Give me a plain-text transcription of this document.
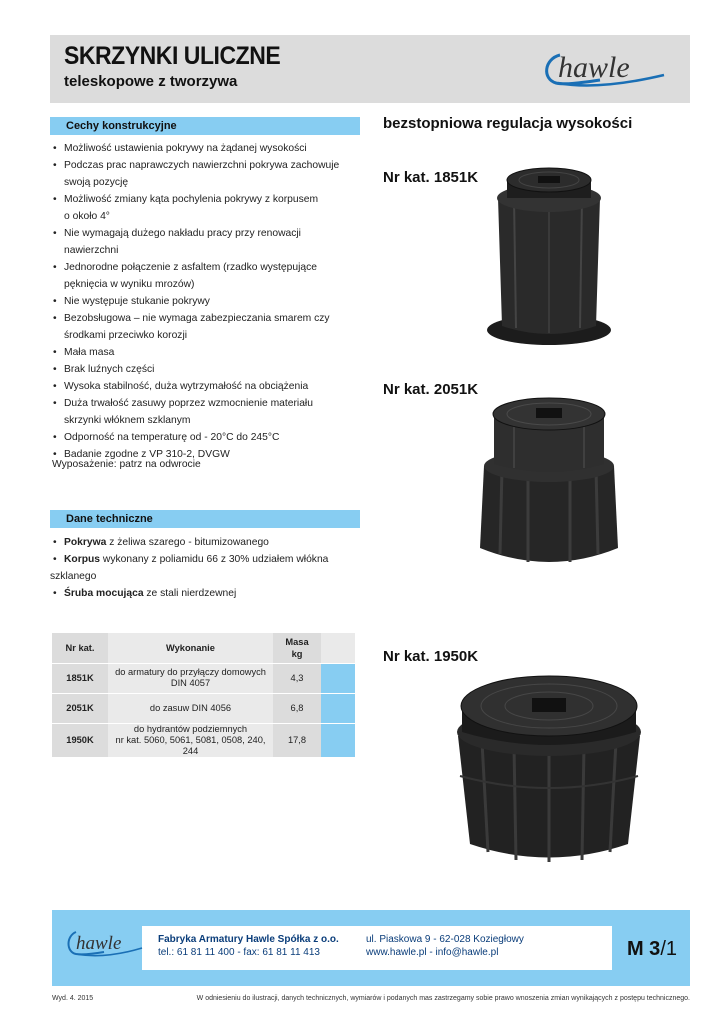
SKRZYNKI ULICZNE
teleskopowe z tworzywa	hawle
Cechy konstrukcyjne
• Możliwość ustawienia pokrywy na żądanej wysokości
• Podczas prac naprawczych nawierzchni pokrywa zachowuje
swoją pozycję
• Możliwość zmiany kąta pochylenia pokrywy z korpusem
o około 4°
• Nie wymagają dużego nakładu pracy przy renowacji
nawierzchni
• Jednorodne połączenie z asfaltem (rzadko występujące
pęknięcia w wyniku mrozów)
• Nie występuje stukanie pokrywy
• Bezobsługowa – nie wymaga zabezpieczania smarem czy
środkami przeciwko korozji
• Mała masa
• Brak luźnych części
• Wysoka stabilność, duża wytrzymałość na obciążenia
• Duża trwałość zasuwy poprzez wzmocnienie materiału
skrzynki włóknem szklanym
• Odporność na temperaturę od - 20°C do 245°C
• Badanie zgodne z VP 310-2, DVGW
Wyposażenie: patrz na odwrocie
Dane techniczne
• Pokrywa z żeliwa szarego - bitumizowanego
• Korpus wykonany z poliamidu 66 z 30% udziałem włókna
szklanego
• Śruba mocująca ze stali nierdzewnej
Nr kat.	Wykonanie	Masa
kg	
1851K	do armatury do przyłączy domowych
DIN 4057	4,3	
2051K	do zasuw DIN 4056	6,8	
1950K	do hydrantów podziemnych
nr kat. 5060, 5061, 5081, 0508, 240, 244	17,8	
bezstopniowa regulacja wysokości
Nr kat. 1851K
Nr kat. 2051K
Nr kat. 1950K
hawle	Fabryka Armatury Hawle Spółka z o.o.
tel.: 61 81 11 400 - fax: 61 81 11 413
ul. Piaskowa 9 - 62-028 Koziegłowy
www.hawle.pl - info@hawle.pl	M 3/1
Wyd. 4. 2015	W odniesieniu do ilustracji, danych technicznych, wymiarów i podanych mas zastrzegamy sobie prawo wnoszenia zmian wynikających z postępu technicznego.
